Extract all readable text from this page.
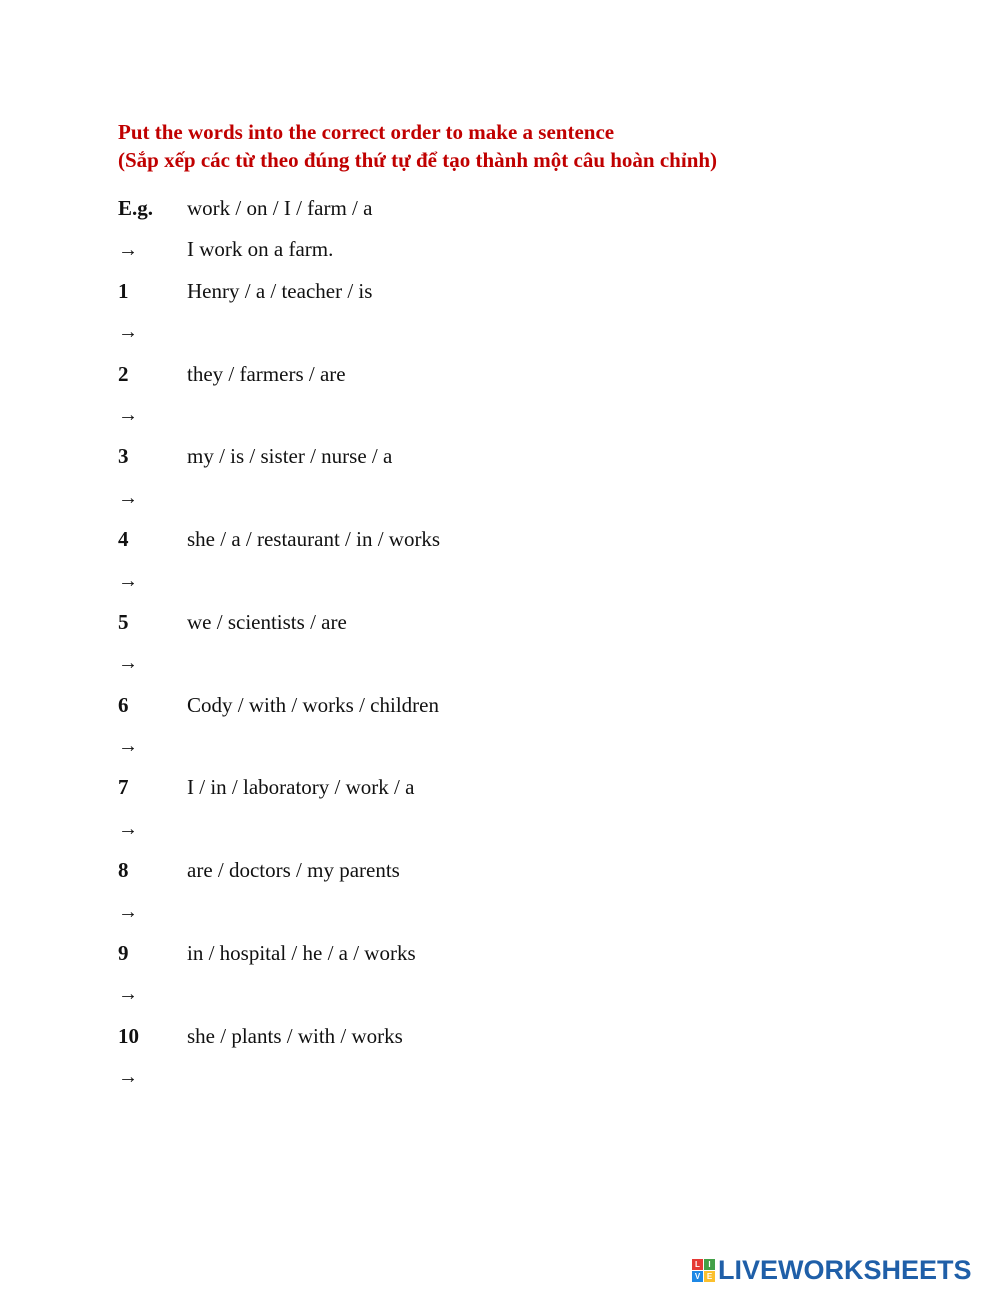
Put the words into the correct order to make a sentence
(Sắp xếp các từ theo đúng thứ tự để tạo thành một câu hoàn chỉnh)

E.g.	work / on / I / farm / a
→	I work on a farm.
1	Henry / a / teacher / is
→
2	they / farmers / are
→
3	my / is / sister / nurse / a
→
4	she / a / restaurant / in / works
→
5	we / scientists / are
→
6	Cody / with / works / children
→
7	I / in / laboratory / work / a
→
8	are / doctors / my parents
→
9	in / hospital / he / a / works
→
10	she / plants / with / works
→
L	I
V E LIVEWORKSHEETS
